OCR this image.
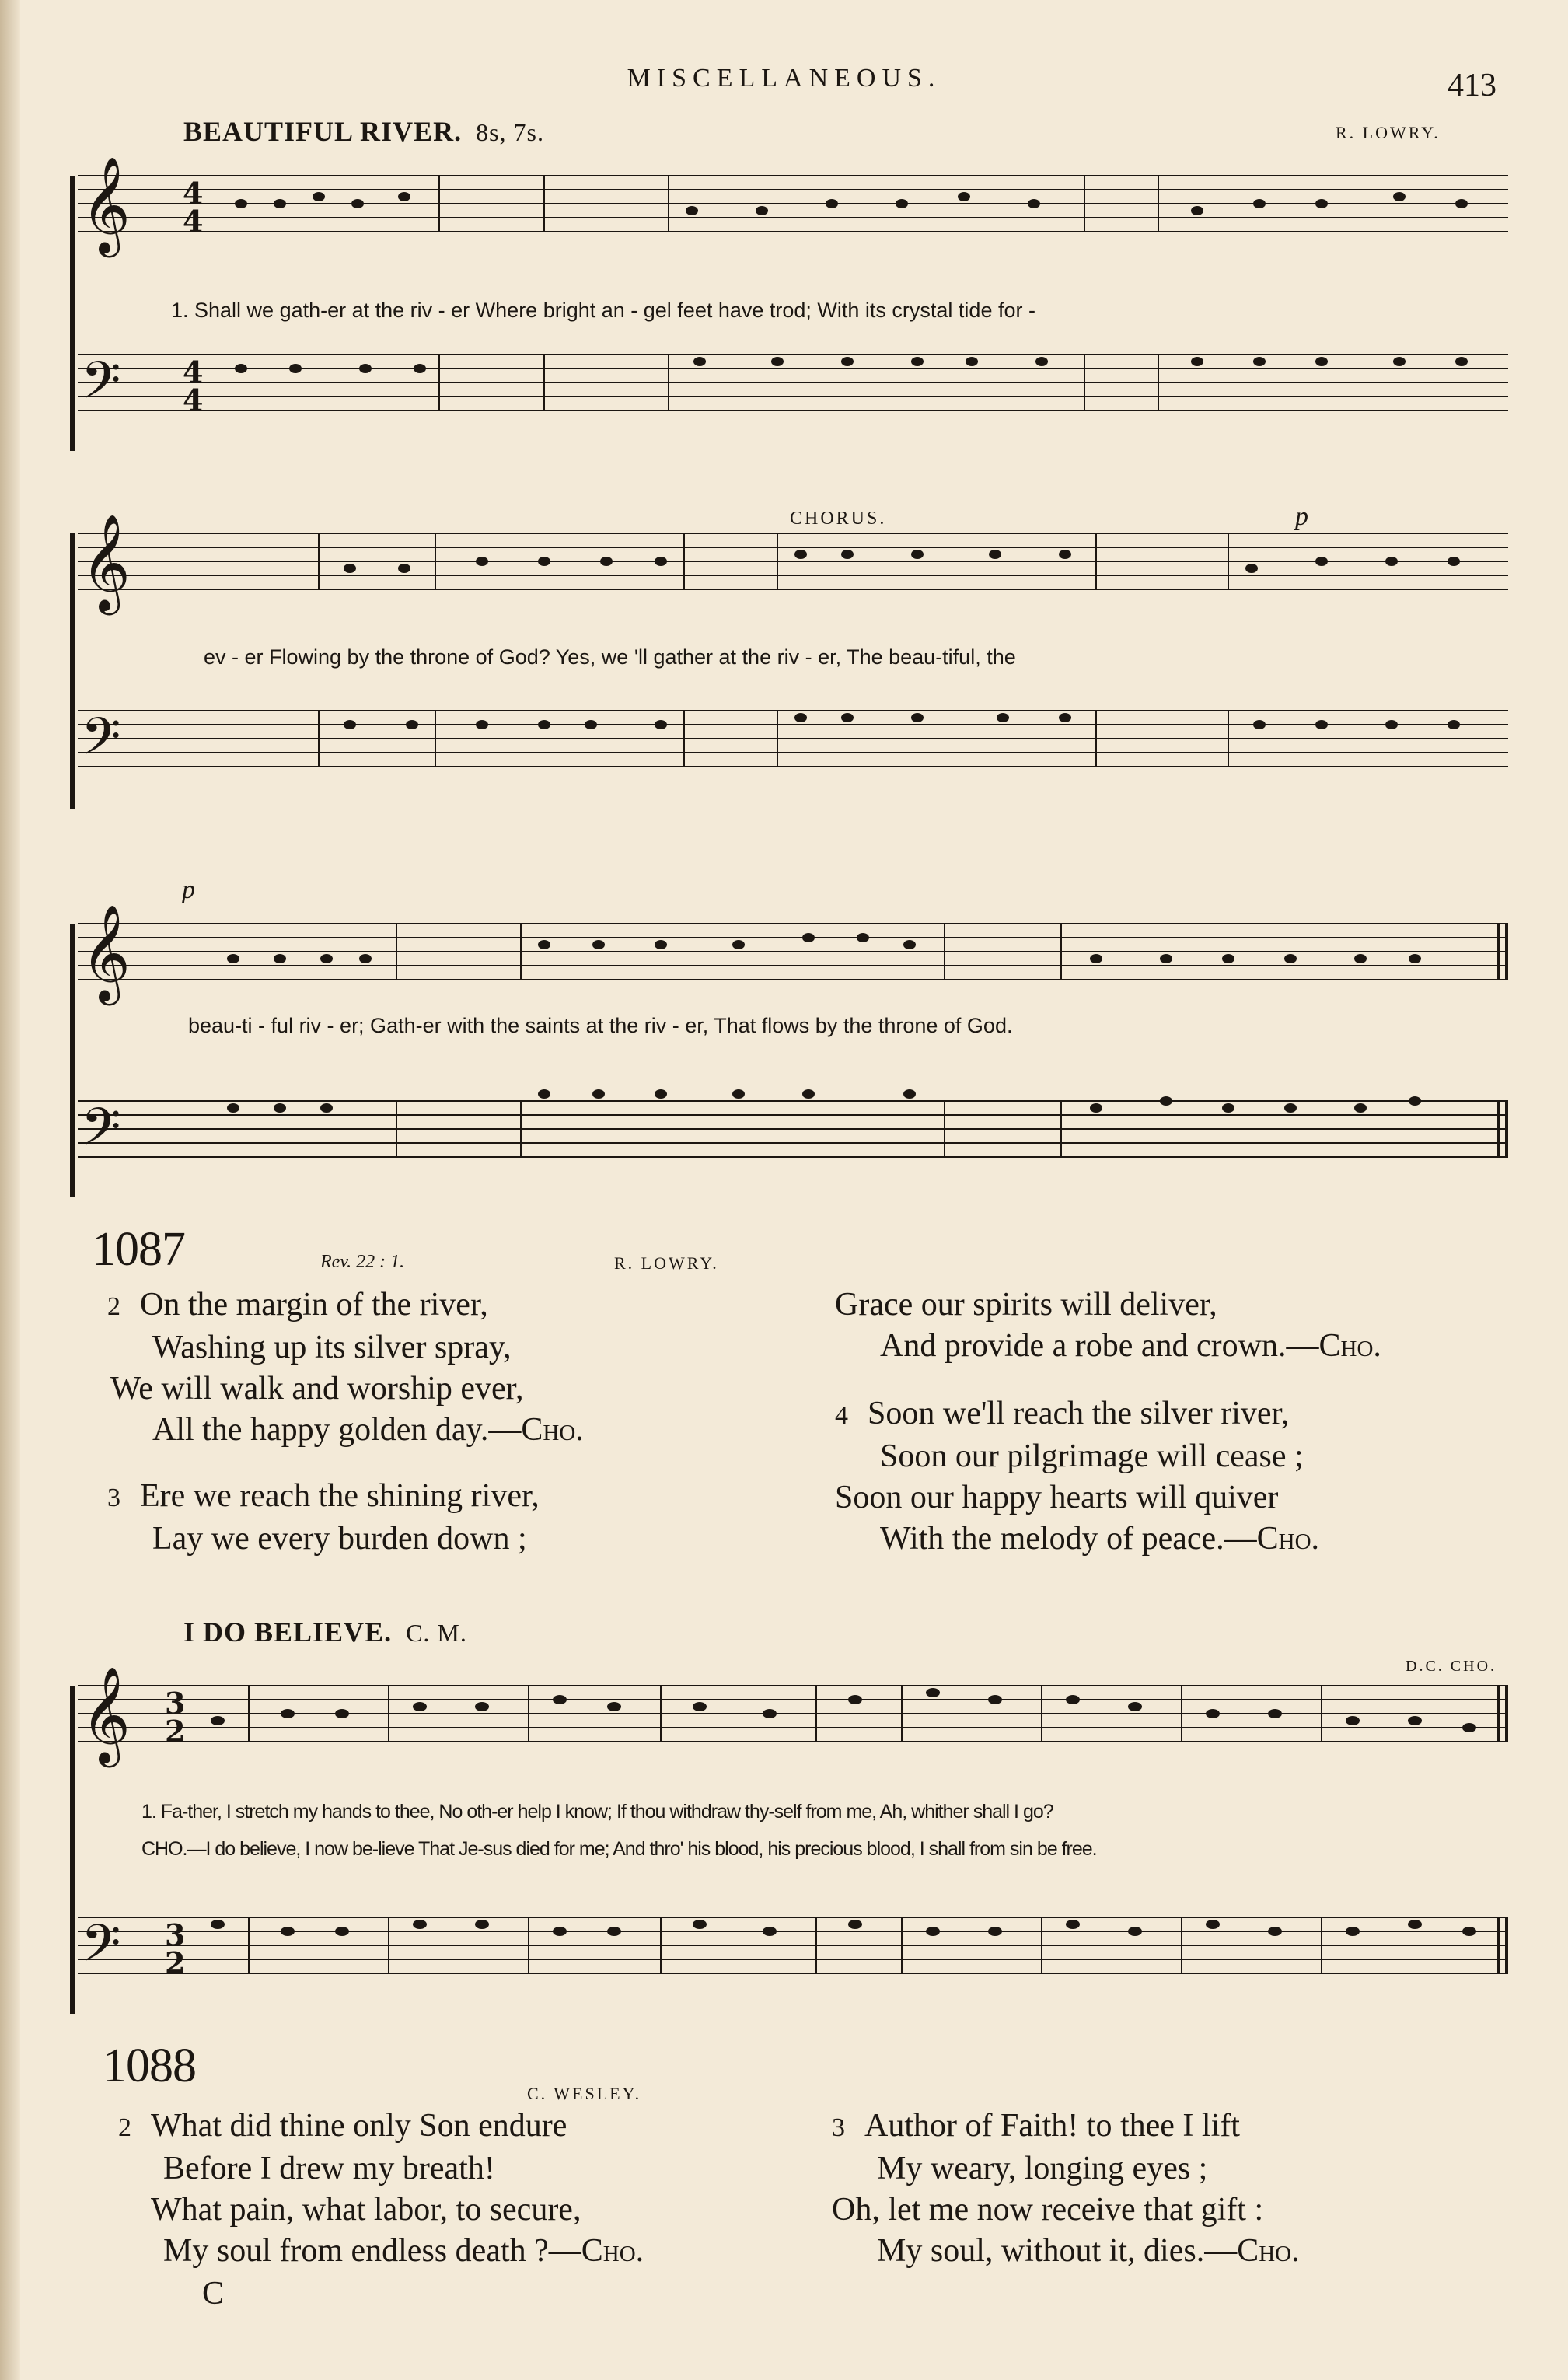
MISCELLANEOUS.	413
BEAUTIFUL RIVER. 8s, 7s.	R. LOWRY.
𝄞
𝄢
𝄞
𝄢
𝄞
𝄢
4
4
4
4
1. Shall we gath-er at the riv - er Where bright an - gel feet have trod; With its crystal tide for -
CHORUS.	p
ev - er Flowing by the throne of God? Yes, we 'll gather at the riv - er, The beau-tiful, the
p
beau-ti - ful riv - er; Gath-er with the saints at the riv - er, That flows by the throne of God.
1087	Rev. 22 : 1.	R. LOWRY.
2 On the margin of the river,
Washing up its silver spray,
We will walk and worship ever,
All the happy golden day.—Cho.
3 Ere we reach the shining river,
Lay we every burden down ;
Grace our spirits will deliver,
And provide a robe and crown.—Cho.
4 Soon we'll reach the silver river,
Soon our pilgrimage will cease ;
Soon our happy hearts will quiver
With the melody of peace.—Cho.
I DO BELIEVE. C. M.
D.C. CHO.
𝄞
𝄢
3
2
3
2
1. Fa-ther, I stretch my hands to thee, No oth-er help I know; If thou withdraw thy-self from me, Ah, whither shall I go?
CHO.—I do believe, I now be-lieve That Je-sus died for me; And thro' his blood, his precious blood, I shall from sin be free.
1088
C. WESLEY.
2 What did thine only Son endure
Before I drew my breath!
What pain, what labor, to secure,
My soul from endless death ?—Cho.
3 Author of Faith! to thee I lift
My weary, longing eyes ;
Oh, let me now receive that gift :
My soul, without it, dies.—Cho.
C
